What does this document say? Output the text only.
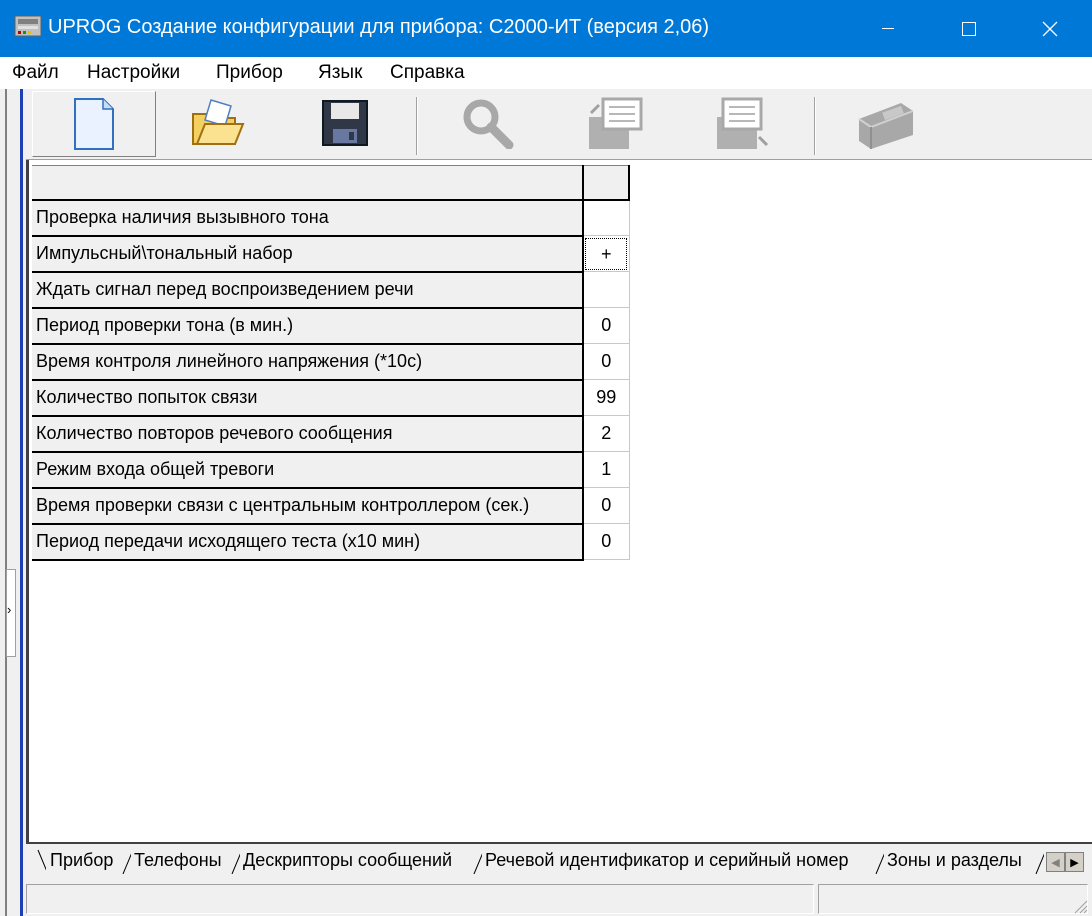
UPROG Создание конфигурации для прибора: С2000-ИТ (версия 2,06)
Файл Настройки Прибор Язык Справка
›

Проверка наличия вызывного тона	
Импульсный\тональный набор	+
Ждать сигнал перед воспроизведением речи	
Период проверки тона (в мин.)	0
Время контроля линейного напряжения (*10с)	0
Количество попыток связи	99
Количество повторов речевого сообщения	2
Режим входа общей тревоги	1
Время проверки связи с центральным контроллером (сек.)	0
Период передачи исходящего теста (х10 мин)	0
Прибор Телефоны Дескрипторы сообщений Речевой идентификатор и серийный номер Зоны и разделы	◀ ▶
